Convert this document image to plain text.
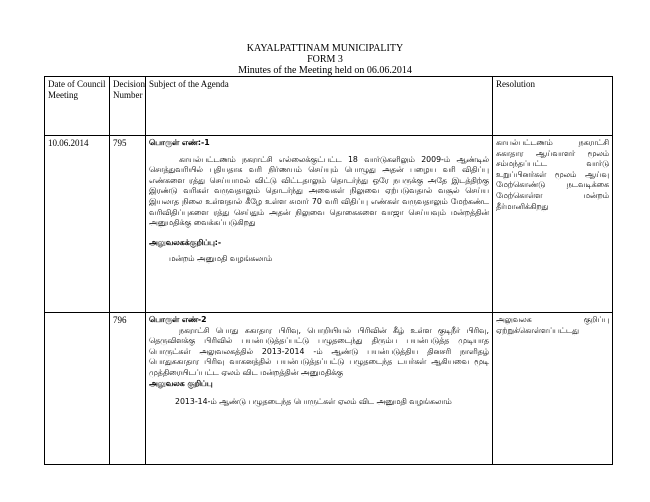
KAYALPATTINAM MUNICIPALITY
FORM 3
Minutes of the Meeting held on 06.06.2014
Date of Council Meeting	Decision Number	Subject of the Agenda	Resolution
10.06.2014	795	பொருள் எண்:-1
காயல்பட்டணம் நகராட்சி எல்லைக்குட்பட்ட 18 வார்டுகளிலும் 2009-ம் ஆண்டில் சொத்துவரியில் புதியதாக வரி நிர்ணயம் செய்யும் பொழுது அதன் பழைய வரி விதிப்பு எண்களை ரத்து செய்யாமல் விட்டு விட்டதாலும் தொடர்ந்து ஒரே நபருக்கு அதே இடத்திற்கு இரண்டு வரிகள் வருவதாலும் தொடர்ந்து அவைகள் நிலுவை ஏற்படுவதால் வசூல் செய்ய இயலாத நிலை உள்ளதால் கீழே உள்ள சுமார் 70 வரி விதிப்பு எண்கள் வருவதாலும் மேற்கண்ட வரிவிதிப்புகளை ரத்து செய்தும் அதன் நிலுவை தொகைகளை வாஜா செய்யவும் மன்றத்தின் அனுமதிக்கு வைக்கப்படுகிறது
அலுவலகக்குறிப்பு:-
மன்றம் அனுமதி வழங்கலாம்	காயல்பட்டணம் நகராட்சி சுகாதார ஆய்வாளர் மூலம் சம்மந்தப்பட்ட வார்டு உறுப்பினர்கள் மூலம் ஆய்வு மேற்கொண்டு நடவடிக்கை மேற்கொள்ள மன்றம் தீர்மானிக்கிறது
	796	பொருள் எண்-2
நகராட்சி பொது சுகாதார பிரிவு, பொறியியல் பிரிவின் கீழ் உள்ள குடிநீர் பிரிவு, தெருவிளக்கு பிரிவில் பயன்படுத்தப்பட்டு பழுதடைந்து திரும்ப பயன்படுத்த முடியாத பொருட்கள் அலுவலகத்தில் 2013-2014 -ம் ஆண்டு பயன்படுத்திய தினசரி நாளிதழ் பொதுசுகாதார பிரிவு வாகனத்தில் பயன்படுத்தப்பட்டு பழுதடைந்த டயர்கள் ஆகியவை மூடி முத்திரையிடப்பட்ட ஏலம் விட மன்றத்தின் அனுமதிக்கு
அலுவலக குறிப்பு
2013-14-ம் ஆண்டு பழுதடைந்த பொருட்கள் ஏலம் விட அனுமதி வழங்கலாம்	அலுவலக குறிப்பு ஏற்றுக்கொள்ளப்பட்டது
